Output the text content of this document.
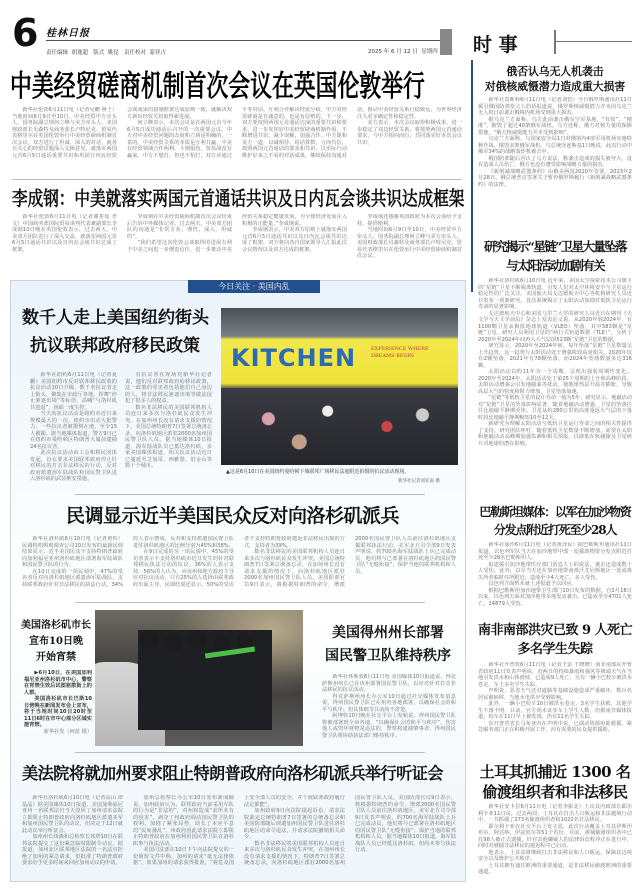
6 桂林日报
责任编辑  胡逸超   版式  姚昆   责任校对  蒙祥吉	2025 年 6 月 12 日  星期四 时 事
中美经贸磋商机制首次会议在英国伦敦举行

新华社伦敦6月11日电（记者吴鹏 燕子）当地时间6月9日至10日，中美经贸中方牵头人、国务院副总理何立峰与美方牵头人、美国财政部长贝森特及商务部长卢特尼克、贸易代表格里尔在英国伦敦举行中美经贸磋商机制首次会议。双方进行了坦诚、深入的对话，就各自关心的经贸议题深入交换意见，就落实两国元首6月5日通话重要共识和巩固日内瓦经贸会谈成果的措施框架达成原则一致，就解决双方新出经贸关切取得新进展。

何立峰表示，本次会议是在两国元首今年6月5日成功通话后召开的一次重要会议。中方对中美经贸问题的态度和立场是明确的、一贯的。中美经贸关系的本质是互利共赢，中美在经贸领域合作两利、斗则俱伤。贸易战没有赢家。中方不想打，但也不怕打。双方应通过平等对话、互利合作解决经贸分歧。中方对经贸磋商是有诚意的，也是有原则的。下一步，双方要按照两国元首通话达成的重要共识和要求，进一步发挥好中美经贸磋商机制作用，不断增进共识，减少误解，加强合作。中方愿和美方一道，以诚相待、说话算数、言而有信，按照两国元首通话的要求和共识，以实际行动维护好来之不易的对话成果，继续保持沟通对话，推动中美经贸关系行稳致远，为世界经济注入更多确定性和稳定性。

美方表示，本次会议取得积极成果，进一步稳定了双边经贸关系，将按照两国元首通话要求，与中方相向而行，共同落实好本次会议共识。

李成钢：中美就落实两国元首通话共识及日内瓦会谈共识达成框架

新华社伦敦6月11日电（记者谢希瑶 孝文）中国商务部国际贸易谈判代表兼副部长李成钢10日晚在英国伦敦表示，过去两天，中美双方团队进行了深入交流，就落实两国元首6月5日通话共识以及日内瓦会谈共识达成了框架。

李成钢在中美经贸磋商机制首次会议结束后告诉中外媒体记者，过去两天，中美双方团队的沟通是“非常专业、理性、深入、坦诚的”。

“我们希望这次伦敦会谈取得的进展有利于中美之间进一步增进信任，进一步推动中美经贸关系稳定健康发展，为全球经济发展注入积极的正能量。”李成钢说。

李成钢表示，中美双方原则上就落实两国元首6月5日通话共识以及日内瓦会谈共识达成了框架，双方将向各自国家领导人汇报此次会议情况以及双方达成的框架。

李成钢还感谢英国政府为本次会谈给予支持、提供便利。

当地时间6月9日至10日，中美经贸中方牵头人、国务院副总理何立峰与美方牵头人、美国财政部长贝森特及商务部长卢特尼克、贸易代表格里尔在伦敦举行中美经贸磋商机制首次会议。

今日关注 · 美国内乱
数千人走上美国纽约街头
抗议联邦政府移民政策

新华社纽约6月11日电（记者夏鹏）美国纽约市反对联邦移民政策的抗议活动10日升级，数千名抗议者走上街头，聚集在市政厅等地，挥舞“停止驱逐出境”等标语，高喊“与洛杉矶共进退”，场面一度失控。

当天的抗议活动是纽约市近日来规模最大的一次。纽约市出动大批警力，一些抗议者被摁倒在地，至少15人被捕。据当地媒体报道，警方9日已在纽约市曼哈顿区特朗普大厦前逮捕24名抗议者。

此次抗议活动由工会和移民团体发起，旨在要求美国联邦政府停止针对移民的打击非法移民的行动，反对政府派遣海军陆战队和国民警卫队进入洛杉矶的武装维安措施。

有抗议者在现场对新华社记者说，他们反对联邦政府的移民政策，这一政策的受害者包括他们自己身边的人，将非法移民驱逐出境等做法侵犯了很多人的权益。

数名非法移民的美国联邦机构人员连日来多次与洛杉矶民众发生冲突。在加州州长没有请求支援的情况下，美国总统特朗普7日签署总统备忘录，向洛杉矶地区派驻2000名加州国民警卫队人员。据当地媒体10日报道，海军陆战队员已抵达洛杉矶，多家美国媒体报道，相关抗议活动近日已蔓延至芝加哥、西雅图、旧金山等数十个城市。

KITCHEN	EXPERIENCE WHERE DREAMS BEGIN
▲这是6月10日在美国纽约曼哈顿下城联邦广场移民法庭附近拍摄的抗议活动现场。
新华社记者刘亚南 摄
民调显示近半美国民众反对向洛杉矶派兵

新华社洛杉矶6月10日电（记者黄恒）民调机构舆观调查公司10日发布的最新民调结果显示，近半美国民众不支持特朗普政府向加利福尼亚州洛杉矶地区部署海军陆战队和国民警卫队的行为。

在10日完成的一项民调中，47%的受访者反对向洛杉矶地区派遣海军陆战队，支持联邦政府针对非法移民的执法行动。34%的人表示赞成。反对和支持派遣国民警卫队进驻洛杉矶地区的比例分别为45%和38%。

在9日完成的另一项民调中，45%的受访者表示不支持洛杉矶市近日发生的针对联邦移民执法行动的抗议，36%的人表示支持。56%的人认为，应该州和地方政府主导应对抗议活动，只有25%的人选择由联邦政府出面主导。民调结果还显示，50%的受访者不支持特朗普政府遣返非法移民出境的方式，支持者为39%。

数名非法移民的美国联邦机构人员连日来多次与洛杉矶民众发生冲突。美国总统特朗普7日签署总统备忘录，在加州州长没有请求支援的情况下，向洛杉矶地区派驻2000名加州国民警卫队人员。美国防部官员9日表示，将根据特朗普的命令，增派2000名国民警卫队人员前往洛杉矶地区支援联邦执法行动。美军北方司令部9日发表声明说，约700名海军陆战队士兵已完成动员，他们将与已部署在洛杉矶地区的国民警卫队“无缝衔接”，保护当地的联邦机构和人员。

美国洛杉矶市长
宣布10日晚
开始宵禁

▶6月10日，在美国加利福尼亚州洛杉矶市中心，警察在宵禁生效后试图驱散街上的人群。

美国洛杉矶市长巴斯10日傍晚在新闻发布会上宣布，将于当地时间10日20时至11日6时在市中心部分区域实施宵禁。

新华社发（何蓝 摄）
美国得州州长部署
国民警卫队维持秩序

新华社休斯敦6月11日电 美国媒体10日报道说，得克萨斯州州长已在该州部署国民警卫队，以应对针对打击非法移民的抗议活动。

得克萨斯州州长办公室10日通过社交媒体发布消息说，得州国民警卫队已在州内各地部署，以确保社会的和平与秩序。但具体细节目前尚不清楚。

阿博特10日晚在社交平台上发帖说，得州国民警卫队将被部署到全州各地，“以确保社会的和平与秩序”，伤害他人或毁坏财物是违法的，警察将逮捕肇事者，得州国民警卫队将协助执法部门维持秩序。

美法院将就加州要求阻止特朗普政府向洛杉矶派兵举行听证会

新华社洛杉矶6月10日电（记者高山 谭晶晶）据美国媒体10日报道，美国加利福尼亚州一名联邦法官当天驳回了加州请求法院立即阻止特朗普政府向洛杉矶地区派遣美军和加州国民警卫队的动议，但决定于12日就此动议举行听证会。

加州州长纽森和总检察长邦塔10日在联邦法院提交了这份紧急临时限制令动议。据报道，加州北区联邦地区法院的一名法官拒绝了加州的紧急请求，但批准了特朗普政府要求给予更多时间来回应加州动议的申请。

加州总检察长办公室10日发布新闻稿说，加州政府认为，联邦政府当前采用军队的行为是“非法的”，对州权造成“前所未有的侵害”，剥夺了州政府调动国民警卫队的权利，加剧了紧张局势，助长了本应平息的“民间骚乱”。州政府因此请求法院立即阻止特朗普政府在加州利用国民警卫队在洛杉矶参与执法活动。

美国司法部在10日下午向法院提交的一份简短文件中称，加州的请求“毫无法律依据”，如果加州的请求获得批准，“将危及国土安全部人员的安全，并干扰联邦政府履行法定职能”。

加州政府9日向法院提起诉讼，请求法院裁定总统特朗普7日签署的总统备忘录和美国防部随后调遣加州国民警卫队进驻洛杉矶地区的命令违法，并请求法院撤销相关命令。

数名非法移民的美国联邦机构人员连日来多次与洛杉矶民众发生冲突。在加州州长没有请求支援的情况下，特朗普7日签署总统备忘录，向洛杉矶地区派驻2000名加州国民警卫队人员。美国防部官员9日表示，将根据特朗普的命令，增派2000名国民警卫队人员前往洛杉矶地区。美军北方司令部9日发表声明说，约700名海军陆战队士兵已完成动员，他们将与已部署在洛杉矶地区的国民警卫队“无缝衔接”，保护当地的联邦机构和人员。据当地媒体10日报道，海军陆战队人员已经抵达洛杉矶，但尚未参与执法行动。

俄否认乌无人机袭击
对俄核威慑潜力造成重大损害

新华社莫斯科6月11日电（记者刘恺）今日俄罗斯通讯社11日援引俄国防部发言人的话报道说，俄罗斯核威慑潜力并未因乌克兰无人机日前袭击俄境内机场受到重大损害。

据乌克兰方面称，乌方此前袭击俄军空军基地，“有效”、“精准”，摧毁了超过40架俄军战机。乌方还称，俄方对核力量的保障措施，“俄方核威慑能力并未受到影响”。

乌克兰方面称，乌国家安全局1日对俄境内4座军用机场实施特种作战，摧毁多架俄军战机。乌总统泽连斯基1日晚说，此次行动中俄军34%的战略轰炸机被击中。

俄国防部随后否认了乌方说法，称袭击造成的损失被夸大，没有造成人员伤亡，俄方也没有遭受影响战略力量的损害。

《新削减战略武器条约》由俄美两国2010年签署。2023年2月28日，俄总统普京签署关于暂停俄罗斯履行《新削减战略武器条约》的法律。

研究揭示“星链”卫星大量坠落
与太阳活动加剧有关

新华社洛杉矶6月10日电 近年来，美国太空探索技术公司旗下的“星链”卫星不断脱离轨道，引发人们对太空环境安全与卫星运行稳定性的广泛关注。美国航天局戈达德航天中心等机构研究人员近日发布一项新研究，首次系统揭示了太阳活动加剧对低轨卫星运行寿命的显著影响。

戈达德航天中心和美国马里兰大学的研究人员近日在期刊《天文学与天文学前沿》杂志上发表论文说，从2020年到2024年，有1100颗卫星从极低地球轨道（VLEO）坠落，其中583颗是“星链”卫星。研究人员利用卫星的“两行式轨道数据（TLE）”，分析了2020年至2024年间再入大气层的523颗“星链”卫星的数据。

研究显示，2020年至2024年间，每年坠落“星链”卫星数量呈上升趋势，这一趋势与太阳活动处于增强阶段高度相关。2020年仅有2颗坠落，2021年有78颗坠落，而2024年坠落数量多达316颗。

太阳活动以约11年为一个周期，呈现出强弱周期性变化。2020年至2024年，太阳活动处于第25个周期的上升和高峰阶段，太阳活动增强会引发地磁暴等扰动，使地球热层升温并膨胀，导致高层大气的密度和阻力增加，卫星坠落加速。

“星链”等低轨卫星的设计寿命一般为5年。研究显示，地磁活动对“星链”卫星的坠落影响显著，随着地磁活动增强，卫星的坠落往往比地磁平静期更快。卫星从约280公里的高度重返大气层的下落时段比地磁平静期缩短10至12天。

新研究为理解太阳活动与低轨卫星运行寿命之间的相关性提供了支持。研究团队呼吁，随着低轨卫星数量不断增加，需要在太阳和地磁活动高峰期加强监测和相关预报，以降低在轨碰撞及卫星碎片对地球的潜在影响。

巴勒斯坦媒体：以军在加沙物资
分发点附近打死至少28人

新华社加沙6月11日电（记者黄泽民）据巴勒斯坦通讯社11日报道，以色列军队当天在加沙地带中部一处援助物资分发点附近打死至少28名巴勒斯坦人。

报道援引加沙地带医疗部门消息人士的说法，袭击还造成数十人受伤。此外，以军当天还在加沙地带南部汗尤尼斯地区一处流离失所者临时住所附近，造成至少4人死亡、多人受伤。

以色列方面暂未就上述报道予以回应。

根据巴勒斯坦加沙地带卫生部门10日发布的数据，自3月18日以来，以色列方面对加沙地带多地发动袭击，已造成至少4701人死亡、14879人受伤。

南非南部洪灾已致 9 人死亡
多名学生失踪

新华社开普敦6月11日电（记者王雷 王晓晓）南非南部东开普省政府11日发表声明说，近两日的持续暴雨和强风等极端天气在当地引发洪水和山体滑坡，已造成9人死亡，另有一辆小巴校车被洪水卷走，车上多名学生失踪。

声明说，恶劣天气还对道路等基础设施造成严重破坏，数百名居民被转移，当地水电供应受到影响。

此外，一辆小巴校车10日被洪水卷走，3名学生获救，其他学生下落不明。目前，官方尚未证实车上学生人数，但据南非媒体报道，校车在11日早上被发现，仍有11名学生失踪。

东开普省省长马布亚内在声明中说，已调动资源协助救援，紧急服务部门正在积极开展工作，向有需要的民众提供援助。

土耳其抓捕近 1300 名
偷渡组织者和非法移民

新华社安卡拉6月11日电（记者李振北）土耳其内政部长耶尔利卡亚11日说，过去两周，土耳其在打击人口贩运和非法越境行动中，一共抓捕了273名偷渡组织者和1022名非法移民。

耶尔利卡亚在社交平台上发文说，此次行动覆盖土耳其伊斯坦布尔、阿达纳、伊兹密尔等51个省份。目前，被捕偷渡组织者中已有98人被正式逮捕，针对其他嫌疑人的法律诉讼程序正在进行中，同时对被捕非法移民的遣返程序已启动。

他表示，土耳其将继续打击非法移民和人口贩运，保障其边境安全以及维护公共秩序。

土耳其拥有通往欧洲的重要通道，是非法移民偷渡欧洲的重要通道。
